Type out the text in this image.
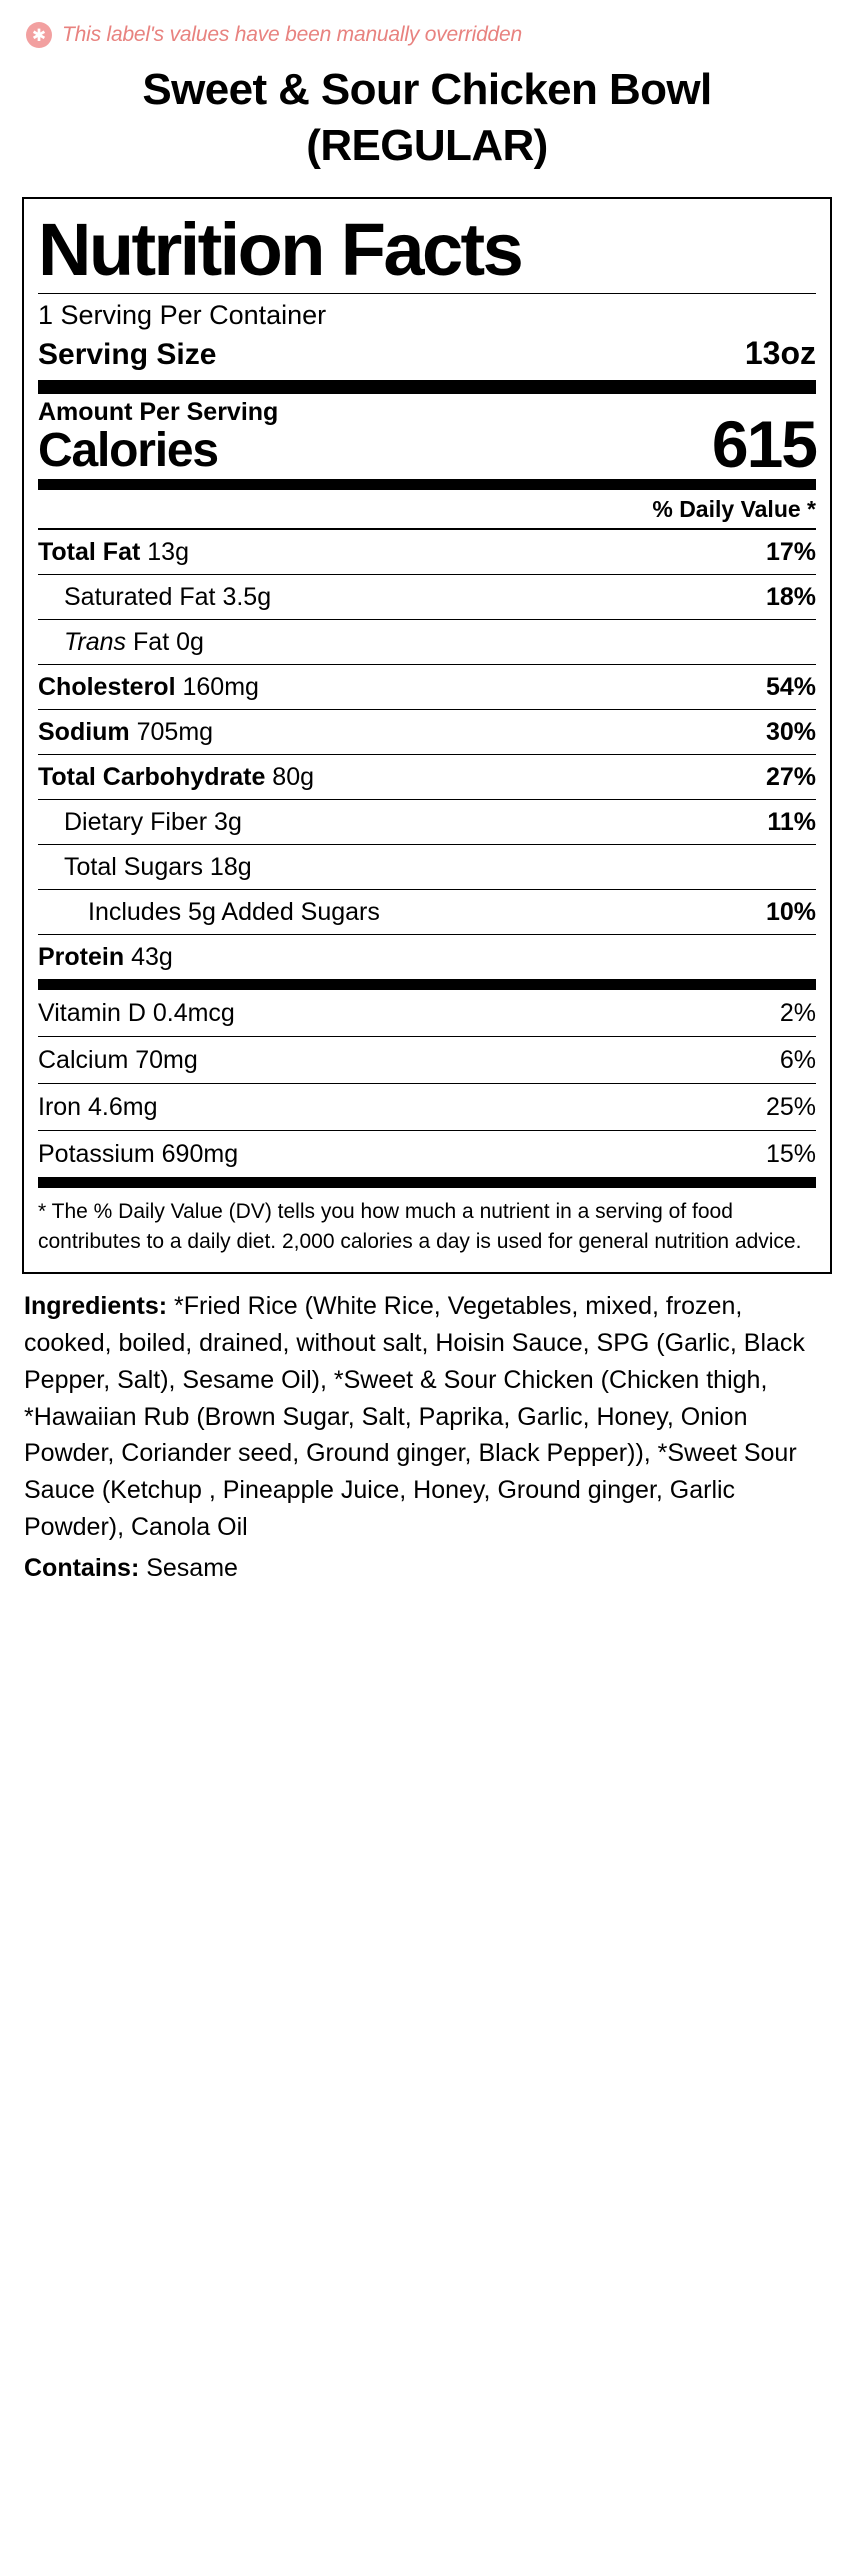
✱ This label's values have been manually overridden
Sweet & Sour Chicken Bowl
(REGULAR)
Nutrition Facts
1 Serving Per Container
Serving Size	13oz
Amount Per Serving
Calories	615
% Daily Value *
Total Fat 13g	17%
Saturated Fat 3.5g	18%
Trans Fat 0g
Cholesterol 160mg	54%
Sodium 705mg	30%
Total Carbohydrate 80g	27%
Dietary Fiber 3g	11%
Total Sugars 18g
Includes 5g Added Sugars	10%
Protein 43g
Vitamin D 0.4mcg	2%
Calcium 70mg	6%
Iron 4.6mg	25%
Potassium 690mg	15%
* The % Daily Value (DV) tells you how much a nutrient in a serving of food contributes to a daily diet. 2,000 calories a day is used for general nutrition advice.
Ingredients: *Fried Rice (White Rice, Vegetables, mixed, frozen, cooked, boiled, drained, without salt, Hoisin Sauce, SPG (Garlic, Black Pepper, Salt), Sesame Oil), *Sweet & Sour Chicken (Chicken thigh, *Hawaiian Rub (Brown Sugar, Salt, Paprika, Garlic, Honey, Onion Powder, Coriander seed, Ground ginger, Black Pepper)), *Sweet Sour Sauce (Ketchup , Pineapple Juice, Honey, Ground ginger, Garlic Powder), Canola Oil
Contains: Sesame
